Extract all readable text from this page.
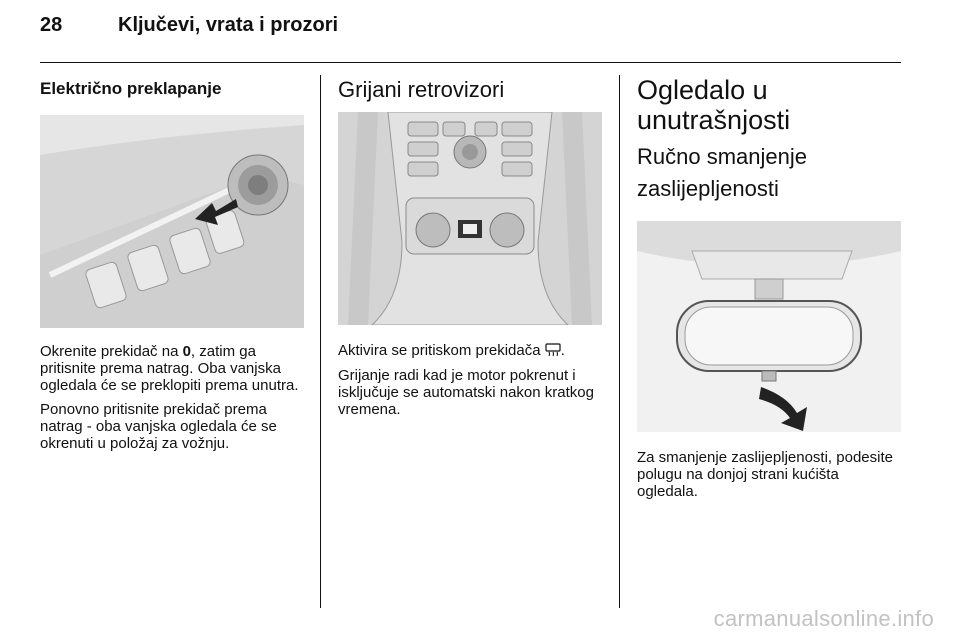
28	Ključevi, vrata i prozori
Električno preklapanje

Okrenite prekidač na 0, zatim ga pritisnite prema natrag. Oba vanjska ogledala će se preklopiti prema unutra.

Ponovno pritisnite prekidač prema natrag - oba vanjska ogledala će se okrenuti u položaj za vožnju.

Grijani retrovizori

Aktivira se pritiskom prekidača .

Grijanje radi kad je motor pokrenut i isključuje se automatski nakon kratkog vremena.

Ogledalo u
unutrašnjosti
Ručno smanjenje
zaslijepljenosti

Za smanjenje zaslijepljenosti, podesite polugu na donjoj strani kućišta ogledala.

carmanualsonline.info
